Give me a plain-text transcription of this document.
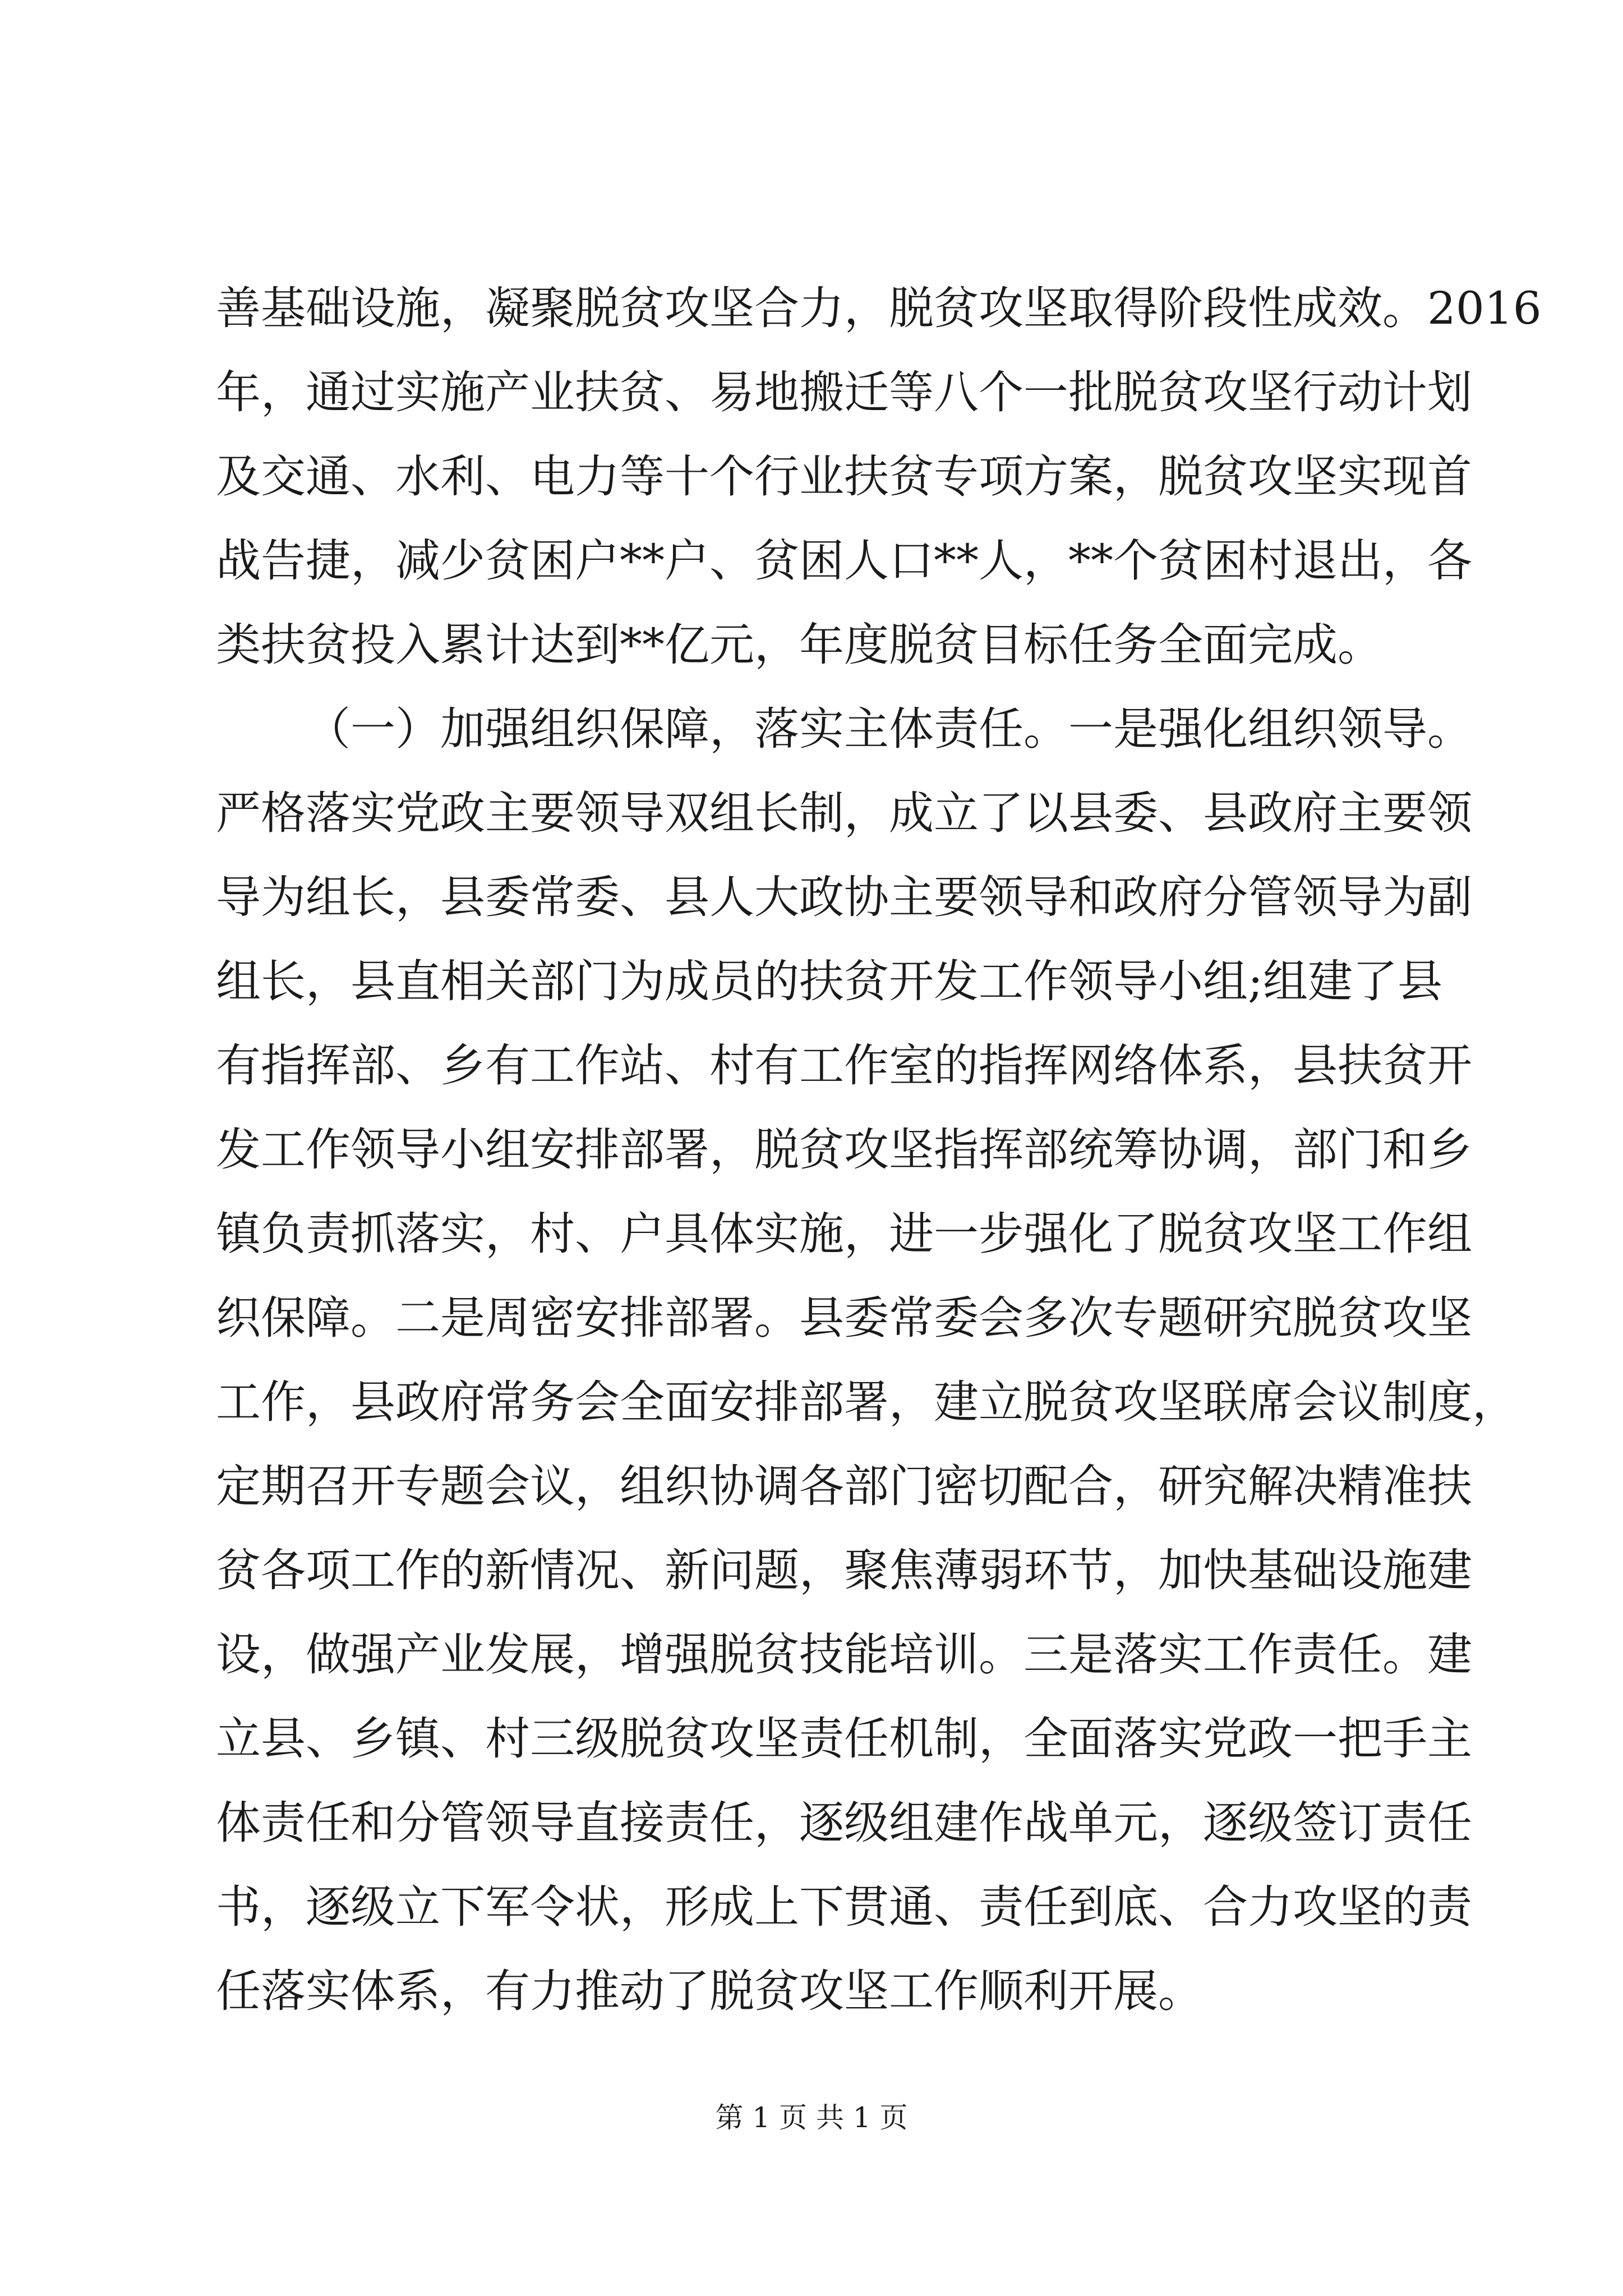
善基础设施，凝聚脱贫攻坚合力，脱贫攻坚取得阶段性成效。2016
年，通过实施产业扶贫、易地搬迁等八个一批脱贫攻坚行动计划
及交通、水利、电力等十个行业扶贫专项方案，脱贫攻坚实现首
战告捷，减少贫困户**户、贫困人口**人，**个贫困村退出，各
类扶贫投入累计达到**亿元，年度脱贫目标任务全面完成。
（一）加强组织保障，落实主体责任。一是强化组织领导。
严格落实党政主要领导双组长制，成立了以县委、县政府主要领
导为组长，县委常委、县人大政协主要领导和政府分管领导为副
组长，县直相关部门为成员的扶贫开发工作领导小组;组建了县
有指挥部、乡有工作站、村有工作室的指挥网络体系，县扶贫开
发工作领导小组安排部署，脱贫攻坚指挥部统筹协调，部门和乡
镇负责抓落实，村、户具体实施，进一步强化了脱贫攻坚工作组
织保障。二是周密安排部署。县委常委会多次专题研究脱贫攻坚
工作，县政府常务会全面安排部署，建立脱贫攻坚联席会议制度，
定期召开专题会议，组织协调各部门密切配合，研究解决精准扶
贫各项工作的新情况、新问题，聚焦薄弱环节，加快基础设施建
设，做强产业发展，增强脱贫技能培训。三是落实工作责任。建
立县、乡镇、村三级脱贫攻坚责任机制，全面落实党政一把手主
体责任和分管领导直接责任，逐级组建作战单元，逐级签订责任
书，逐级立下军令状，形成上下贯通、责任到底、合力攻坚的责
任落实体系，有力推动了脱贫攻坚工作顺利开展。
第 1 页 共 1 页
